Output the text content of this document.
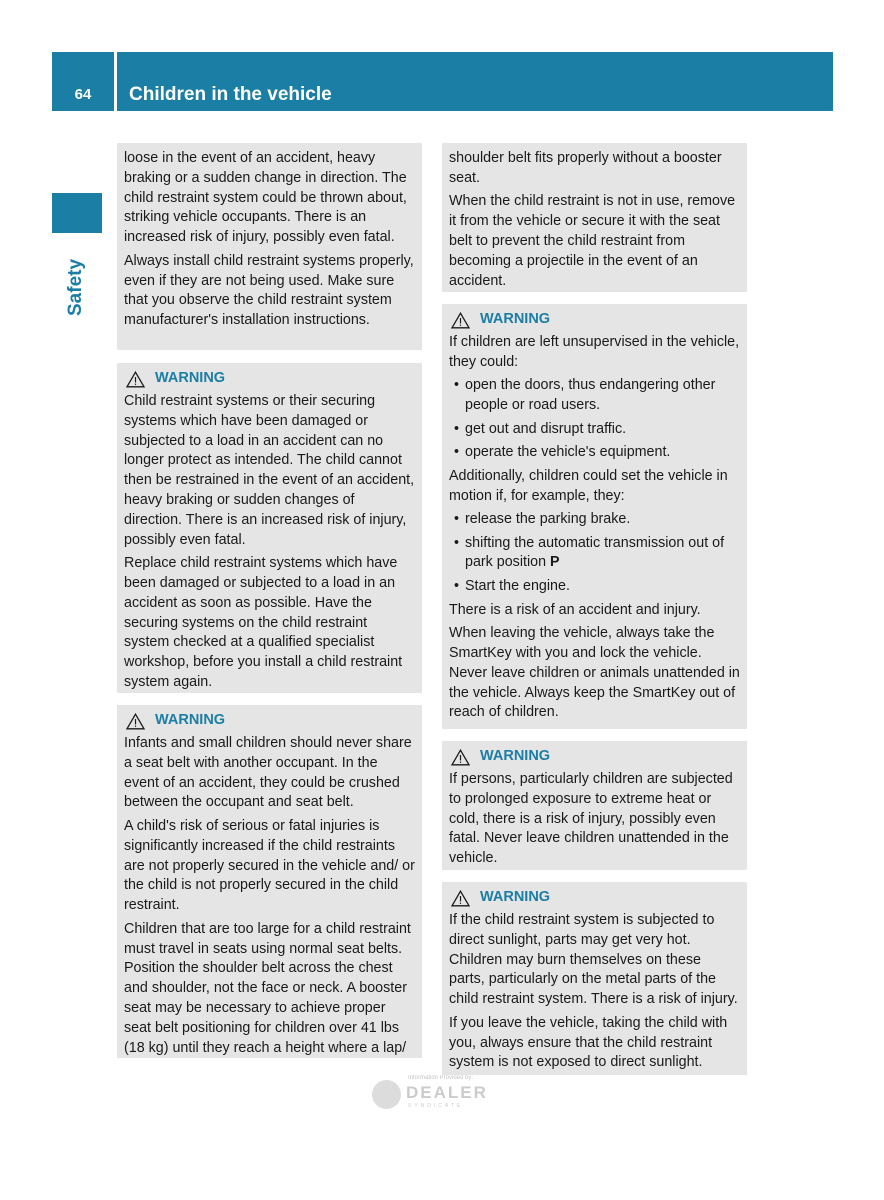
64	Children in the vehicle
Safety

loose in the event of an accident, heavy braking or a sudden change in direction. The child restraint system could be thrown about, striking vehicle occupants. There is an increased risk of injury, possibly even fatal.

Always install child restraint systems properly, even if they are not being used. Make sure that you observe the child restraint system manufacturer's installation instructions.

WARNING

Child restraint systems or their securing systems which have been damaged or subjected to a load in an accident can no longer protect as intended. The child cannot then be restrained in the event of an accident, heavy braking or sudden changes of direction. There is an increased risk of injury, possibly even fatal.

Replace child restraint systems which have been damaged or subjected to a load in an accident as soon as possible. Have the securing systems on the child restraint system checked at a qualified specialist workshop, before you install a child restraint system again.

WARNING

Infants and small children should never share a seat belt with another occupant. In the event of an accident, they could be crushed between the occupant and seat belt.

A child's risk of serious or fatal injuries is significantly increased if the child restraints are not properly secured in the vehicle and/ or the child is not properly secured in the child restraint.

Children that are too large for a child restraint must travel in seats using normal seat belts. Position the shoulder belt across the chest and shoulder, not the face or neck. A booster seat may be necessary to achieve proper seat belt positioning for children over 41 lbs (18 kg) until they reach a height where a lap/

shoulder belt fits properly without a booster seat.

When the child restraint is not in use, remove it from the vehicle or secure it with the seat belt to prevent the child restraint from becoming a projectile in the event of an accident.

WARNING

If children are left unsupervised in the vehicle, they could:

• open the doors, thus endangering other people or road users.
• get out and disrupt traffic.
• operate the vehicle's equipment.

Additionally, children could set the vehicle in motion if, for example, they:

• release the parking brake.
• shifting the automatic transmission out of park position P
• Start the engine.

There is a risk of an accident and injury.

When leaving the vehicle, always take the SmartKey with you and lock the vehicle. Never leave children or animals unattended in the vehicle. Always keep the SmartKey out of reach of children.

WARNING

If persons, particularly children are subjected to prolonged exposure to extreme heat or cold, there is a risk of injury, possibly even fatal. Never leave children unattended in the vehicle.

WARNING

If the child restraint system is subjected to direct sunlight, parts may get very hot. Children may burn themselves on these parts, particularly on the metal parts of the child restraint system. There is a risk of injury.

If you leave the vehicle, taking the child with you, always ensure that the child restraint system is not exposed to direct sunlight.

Information Provided by:
DEALER
SYNDICATE
